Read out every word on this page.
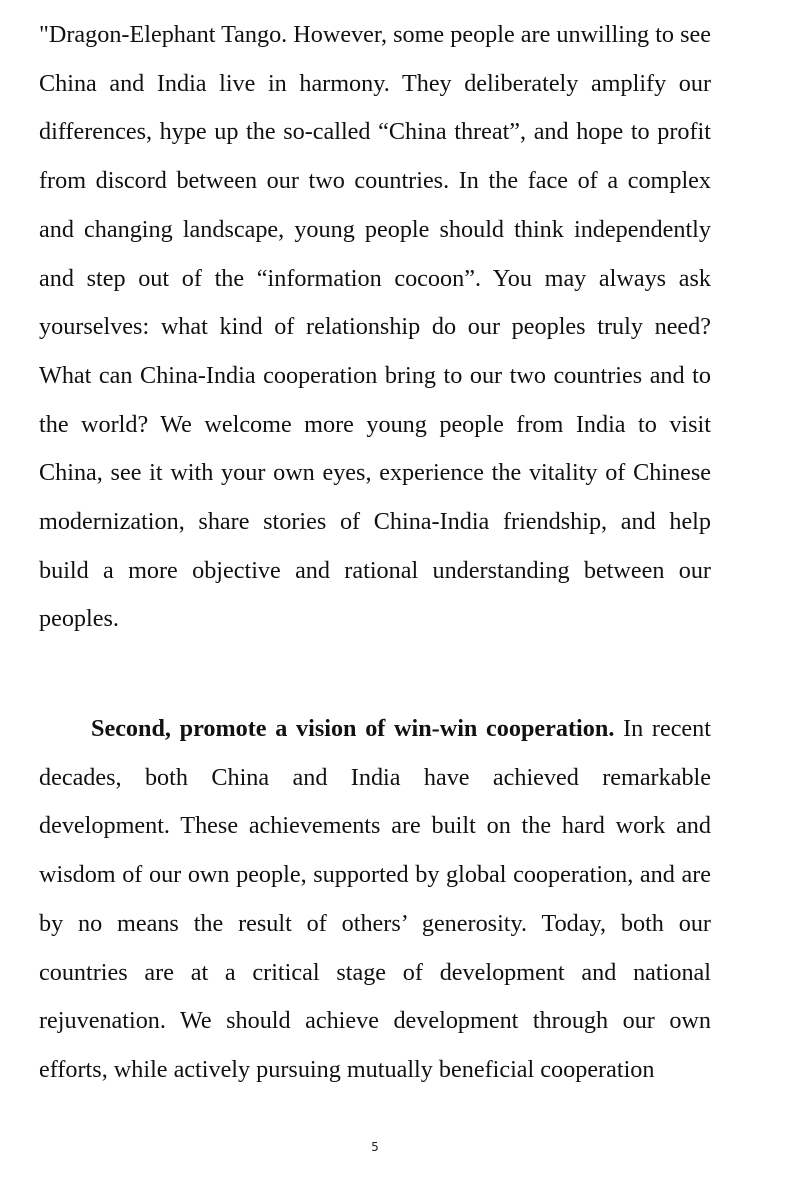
"Dragon-Elephant Tango. However, some people are unwilling to see China and India live in harmony. They deliberately amplify our differences, hype up the so-called “China threat”, and hope to profit from discord between our two countries. In the face of a complex and changing landscape, young people should think independently and step out of the “information cocoon”. You may always ask yourselves: what kind of relationship do our peoples truly need? What can China-India cooperation bring to our two countries and to the world? We welcome more young people from India to visit China, see it with your own eyes, experience the vitality of Chinese modernization, share stories of China-India friendship, and help build a more objective and rational understanding between our peoples.

Second, promote a vision of win-win cooperation. In recent decades, both China and India have achieved remarkable development. These achievements are built on the hard work and wisdom of our own people, supported by global cooperation, and are by no means the result of others’ generosity. Today, both our countries are at a critical stage of development and national rejuvenation. We should achieve development through our own efforts, while actively pursuing mutually beneficial cooperation

5
